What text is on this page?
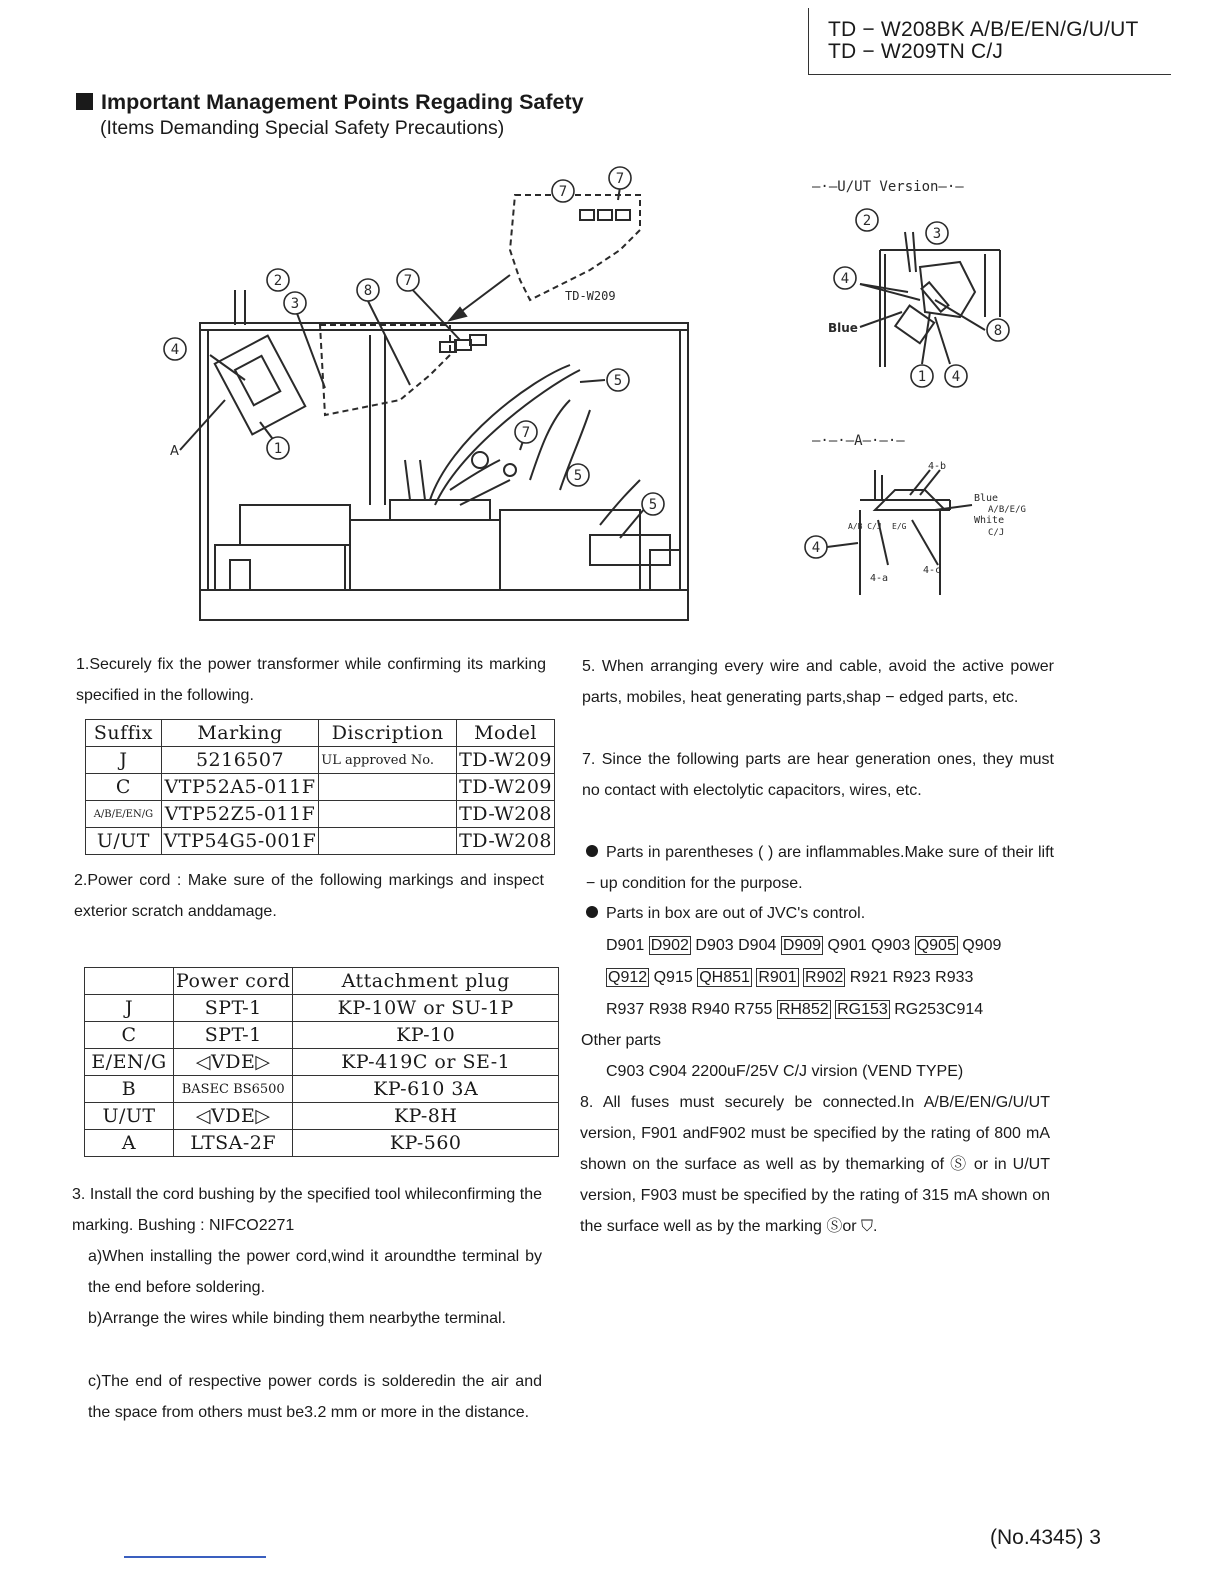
TD − W208BK A/B/E/EN/G/U/UT
TD − W209TN C/J
Important Management Points Regading Safety
(Items Demanding Special Safety Precautions)
7
7
2
3
8
7
4
5
7
5
5
1
TD-W209
A
—·—U/UT Version—·—
2
3
4
8
1 4
Blue
—·—·—A—·—·—
4
4-b
4-a
4-c
Blue
A/B/E/G
White
C/J
A/B C/J E/G
1.Securely fix the power transformer while confirming its marking specified in the following.
Suffix	Marking	Discription	Model
J	5216507	UL approved No.	TD-W209
C	VTP52A5-011F		TD-W209
A/B/E/EN/G	VTP52Z5-011F		TD-W208
U/UT	VTP54G5-001F		TD-W208
2.Power cord : Make sure of the following markings and inspect exterior scratch anddamage.
	Power cord	Attachment plug
J	SPT-1	KP-10W or SU-1P
C	SPT-1	KP-10
E/EN/G	◁VDE▷	KP-419C or SE-1
B	BASEC BS6500	KP-610 3A
U/UT	◁VDE▷	KP-8H
A	LTSA-2F	KP-560
3. Install the cord bushing by the specified tool whileconfirming the marking. Bushing : NIFCO2271
a)When installing the power cord,wind it aroundthe terminal by the end before soldering.
b)Arrange the wires while binding them nearbythe terminal.
c)The end of respective power cords is solderedin the air and the space from others must be3.2 mm or more in the distance.
5. When arranging every wire and cable, avoid the active power parts, mobiles, heat generating parts,shap − edged parts, etc.
7. Since the following parts are hear generation ones, they must no contact with electolytic capacitors, wires, etc.
Parts in parentheses ( ) are inflammables.Make sure of their lift − up condition for the purpose.
Parts in box are out of JVC's control.
D901 D902 D903 D904 D909 Q901 Q903 Q905 Q909
Q912 Q915 QH851 R901 R902 R921 R923 R933
R937 R938 R940 R755 RH852 RG153 RG253C914
Other parts
C903 C904 2200uF/25V C/J virsion (VEND TYPE)
8. All fuses must securely be connected.In A/B/E/EN/G/U/UT version, F901 andF902 must be specified by the rating of 800 mA shown on the surface as well as by themarking of Ⓢ or in U/UT version, F903 must be specified by the rating of 315 mA shown on the surface well as by the marking Ⓢor ⛉.
(No.4345) 3
